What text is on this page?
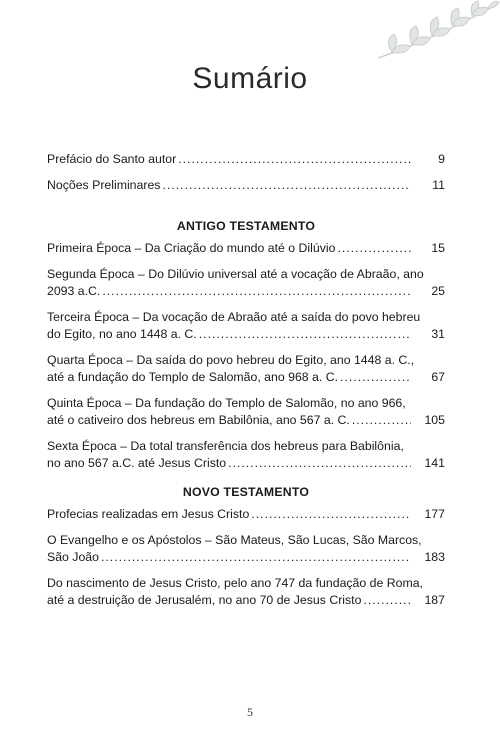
Sumário
Prefácio do Santo autor .....	9
Noções Preliminares .....	11
ANTIGO TESTAMENTO
Primeira Época – Da Criação do mundo até o Dilúvio .....	15
Segunda Época – Do Dilúvio universal até a vocação de Abraão, ano
2093 a.C. .....	25
Terceira Época – Da vocação de Abraão até a saída do povo hebreu
do Egito, no ano 1448 a. C. .....	31
Quarta Época – Da saída do povo hebreu do Egito, ano 1448 a. C.,
até a fundação do Templo de Salomão, ano 968 a. C. .....	67
Quinta Época – Da fundação do Templo de Salomão, no ano 966,
até o cativeiro dos hebreus em Babilônia, ano 567 a. C. .....	105
Sexta Época – Da total transferência dos hebreus para Babilônia,
no ano 567 a.C. até Jesus Cristo .....	141
NOVO TESTAMENTO
Profecias realizadas em Jesus Cristo .....	177
O Evangelho e os Apóstolos – São Mateus, São Lucas, São Marcos,
São João .....	183
Do nascimento de Jesus Cristo, pelo ano 747 da fundação de Roma,
até a destruição de Jerusalém, no ano 70 de Jesus Cristo .....	187
5
